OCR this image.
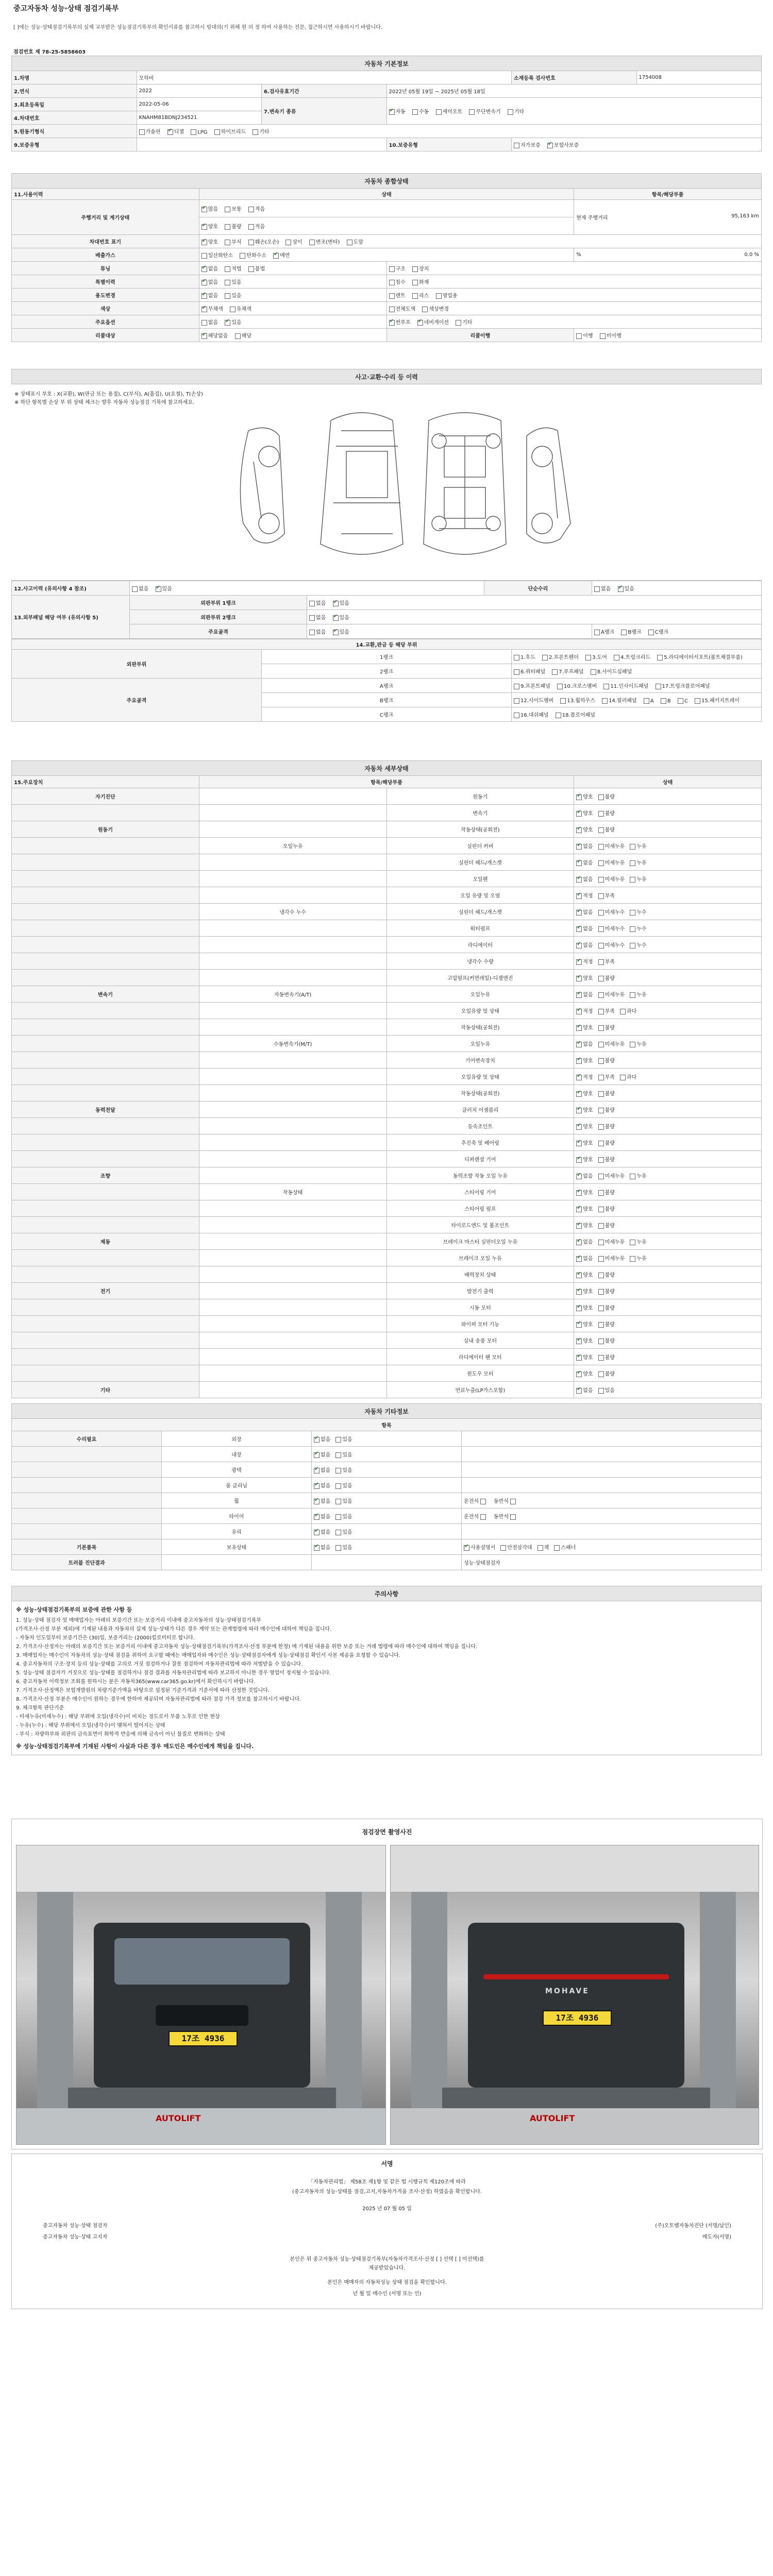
중고자동차 성능·상태 점검기록부
[ ]에는 성능·상태점검기록부의 실제 교부받은 성능점검기록부의 확인서류를 참고하시 빙대의(기 위해 원 의 정 하여 사용하는 전문, 접근하시면 사용하시기 바랍니다.
점검번호 제 78-25-5858603
자동차 기본정보					
1.차명	모하비			소재등록 검사번호	1754008
2.연식	2022	6.검사유효기간	2022년 05월 19일 ~ 2025년 05월 18일		
3.최초등록일	2022-05-06	7.변속기 종류	✔자동 수동 세미오토 무단변속기 기타
4.차대번호	KNAHM81BDNJ234521				
5.원동기형식	가솔린 ✔ 디젤 LPG 하이브리드 기타
9.보증유형			10.보증유형	자가보증 ✔ 보험사보증
자동차 종합상태			
11.사용이력	상태		항목/해당부품
주행거리 및 계기상태	✔많음 보통 적음		현재 주행거리 95,163 km

✔양호 불량 적음
차대번호 표기	✔양호 부식 훼손(오손) 상이 변조(변타) 도말
배출가스	일산화탄소 탄화수소 ✔ 매연		% 0.0 %

튜닝	✔없음 적법 불법	구조 장치	
특별이력	✔없음 있음	침수 화재	
용도변경	✔없음 있음	렌트 리스 영업용	
색상	✔무채색 유채색	전체도색 색상변경	
주요옵션	없음 ✔ 있음	✔썬루프 ✔ 네비게이션 기타
리콜대상	✔해당없음 해당	리콜이행	이행 미이행
사고·교환·수리 등 이력
※ 상태표시 부호 : X(교환), W(판금 또는 용접), C(부식), A(흠집), U(요철), T(손상)
※ 하단 항목별 손상 부 위 상태 체크는 향후 자동차 성능점검 기록에 참고하세요.
12.사고이력 (유의사항 4 참조)	없음 ✔ 있음		단순수리	없음 ✔ 있음
13.외부패널 해당 여부 (유의사항 5)	외판부위 1랭크	없음 ✔ 있음
	외판부위 2랭크	없음 ✔ 있음
	주요골격	없음 ✔ 있음		A랭크 B랭크 C랭크
14.교환,판금 등 해당 부위		
외판부위	1랭크	1.후드 2.프론트펜더 3.도어 4.트렁크리드 5.라디에이터서포트(볼트체결부품)
	2랭크	6.쿼터패널 7.루프패널 8.사이드실패널
주요골격	A랭크	9.프론트패널 10.크로스멤버 11.인사이드패널 17.트렁크플로어패널
	B랭크	12.사이드멤버 13.휠하우스 14.필러패널 A B C 15.패키지트레이
	C랭크	16.대쉬패널 18.플로어패널
자동차 세부상태			
15.주요장치	항목/해당부품		상태
자기진단		원동기	✔양호 불량
		변속기	✔양호 불량
원동기		작동상태(공회전)	✔양호 불량
	오일누유	실린더 커버	✔없음 미세누유 누유
		실린더 헤드/개스켓	✔없음 미세누유 누유
		오일팬	✔없음 미세누유 누유
		오일 유량 및 오염	✔적정 부족
	냉각수 누수	실린더 헤드/개스켓	✔없음 미세누수 누수
		워터펌프	✔없음 미세누수 누수
		라디에이터	✔없음 미세누수 누수
		냉각수 수량	✔적정 부족
		고압펌프(커먼레일)-디젤엔진	✔양호 불량
변속기	자동변속기(A/T)	오일누유	✔없음 미세누유 누유
		오일유량 및 상태	✔적정 부족 과다
		작동상태(공회전)	✔양호 불량
	수동변속기(M/T)	오일누유	✔없음 미세누유 누유
		기어변속장치	✔양호 불량
		오일유량 및 상태	✔적정 부족 과다
		작동상태(공회전)	✔양호 불량
동력전달		클러치 어셈블리	✔양호 불량
		등속조인트	✔양호 불량
		추진축 및 베어링	✔양호 불량
		디퍼렌셜 기어	✔양호 불량
조향		동력조향 작동 오일 누유	✔없음 미세누유 누유
	작동상태	스티어링 기어	✔양호 불량
		스티어링 펌프	✔양호 불량
		타이로드엔드 및 볼조인트	✔양호 불량
제동		브레이크 마스터 실린더오일 누유	✔없음 미세누유 누유
		브레이크 오일 누유	✔없음 미세누유 누유
		배력장치 상태	✔양호 불량
전기		발전기 출력	✔양호 불량
		시동 모터	✔양호 불량
		와이퍼 모터 기능	✔양호 불량
		실내 송풍 모터	✔양호 불량
		라디에이터 팬 모터	✔양호 불량
		윈도우 모터	✔양호 불량
기타		연료누출(LP가스포함)	✔없음 있음
자동차 기타정보			
항목			
수리필요	외장	✔없음 있음	
	내장	✔없음 있음	
	광택	✔없음 있음	
	룸 클리닝	✔없음 있음	
	휠	✔없음 있음	운전석 동반석
	타이어	✔없음 있음	운전석 동반석
	유리	✔없음 있음	
기본품목	보유상태	✔없음 있음	✔사용설명서 안전삼각대 잭 스패너
트러블 진단결과			성능·상태점검자
주의사항

※ 성능·상태점검기록부의 보증에 관한 사항 등
1. 성능·상태 점검자 및 매매업자는 아래의 보증기간 또는 보증거리 이내에 중고자동차의 성능·상태점검기록부
(가격조사·산정 부분 제외)에 기재된 내용과 자동차의 실제 성능·상태가 다른 경우 계약 또는 관계법령에 따라 매수인에 대하여 책임을 집니다.
- 자동차 인도일부터 보증기간은 (30)일, 보증거리는 (2000)킬로미터로 합니다.
2. 가격조사·산정자는 아래의 보증기간 또는 보증거리 이내에 중고자동차 성능·상태점검기록부(가격조사·산정 부분에 한정) 에 기재된 내용을 위한 보증 또는 거래 법령에 따라 매수인에 대하여 책임을 집니다.
3. 매매업자는 매수인이 자동차의 성능·상태 점검을 위하여 요구할 때에는 매매업자와 매수인은 성능·상태점검자에게 성능·상태점검 확인서 사본 제공을 요청할 수 있습니다.
4. 중고자동차의 구조·장치 등의 성능·상태를 고의로 거짓 점검하거나 잘못 점검하여 자동차관리법에 따라 처벌받을 수 있습니다.
5. 성능·상태 점검자가 거짓으로 성능·상태를 점검하거나 점검 결과를 자동차관리법에 따라 보고하지 아니한 경우 영업이 정지될 수 있습니다.
6. 중고자동차 이력정보 조회를 원하시는 분은 자동차365(www.car365.go.kr)에서 확인하시기 바랍니다.
7. 가격조사·산정액은 보험개발원의 차량기준가액을 바탕으로 설정된 기준가격과 기준서에 따라 산정한 것입니다.
8. 가격조사·산정 부분은 매수인이 원하는 경우에 한하여 제공되며 자동차관리법에 따라 점검 가격 정보를 참고하시기 바랍니다.
9. 체크항목 판단기준
- 미세누유(미세누수) : 해당 부위에 오일(냉각수)이 비치는 정도로서 부품 노후로 인한 현상
- 누유(누수) : 해당 부위에서 오일(냉각수)이 맺혀서 떨어지는 상태
- 부식 : 차량하부와 외판의 금속표면이 화학적 반응에 의해 금속이 아닌 물질로 변화하는 상태
※ 성능·상태점검기록부에 기재된 사항이 사실과 다른 경우 매도인은 매수인에게 책임을 집니다.
점검장면 촬영사진
17조 4936
AUTOLIFT
MOHAVE
17조 4936
AUTOLIFT
서명
「자동차관리법」 제58조 제1항 및 같은 법 시행규칙 제120조에 따라
(중고자동차의 성능·상태를 점검,고지,자동차가격을 조사·산정) 하였음을 확인합니다.
2025 년 07 월 05 일
중고자동차 성능·상태 점검자	(주)오토벨자동차진단 (서명/날인)
중고자동차 성능·상태 고지자	매도자(서명)
본인은 위 중고자동차 성능·상태점검기록부(자동차가격조사·산정 [ ] 선택 [ ] 미선택)를
제공받았습니다.
본인은 매매자의 자동차성능 상태 점검을 확인합니다.
년 월 일 매수인 (서명 또는 인)
